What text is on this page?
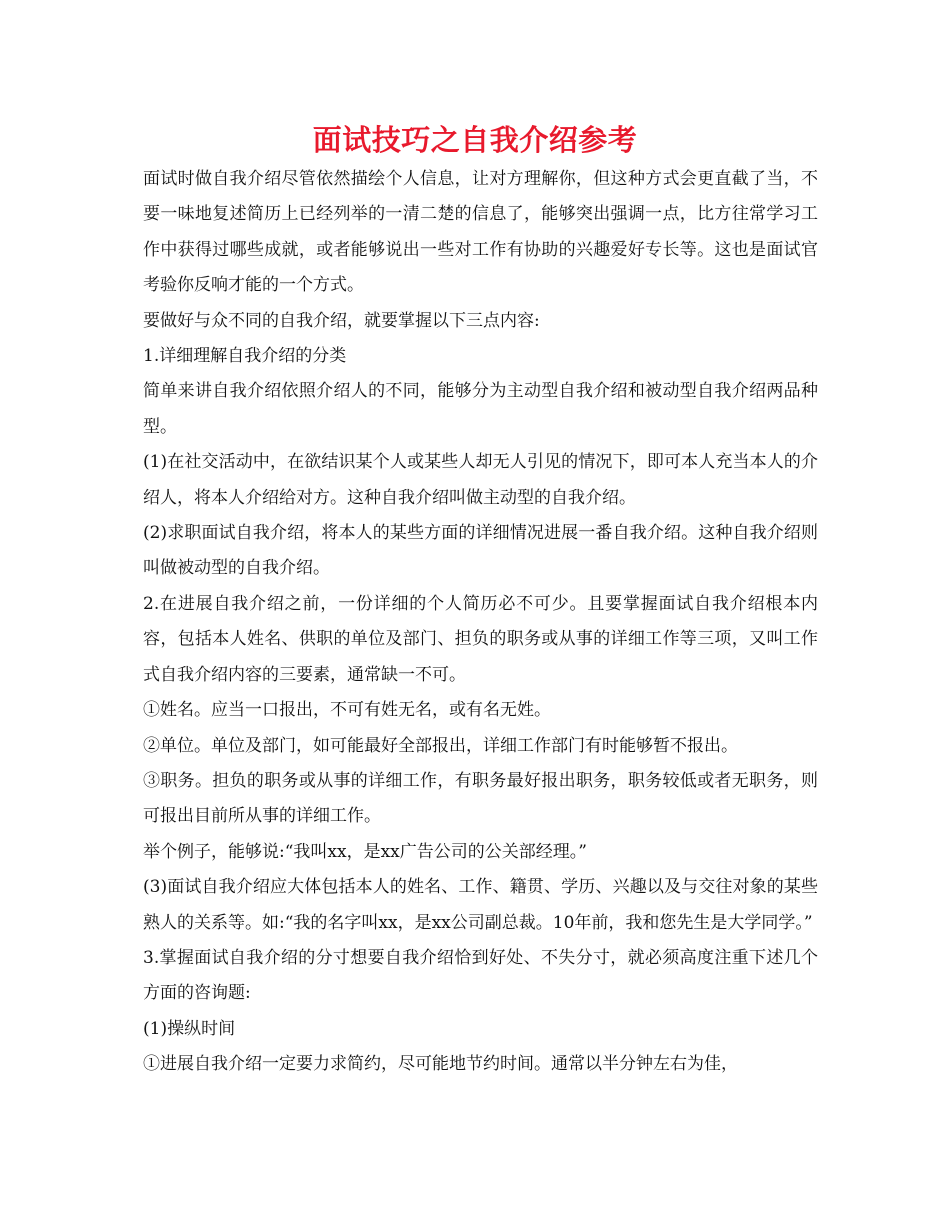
面试技巧之自我介绍参考

面试时做自我介绍尽管依然描绘个人信息，让对方理解你，但这种方式会更直截了当，不要一味地复述简历上已经列举的一清二楚的信息了，能够突出强调一点，比方往常学习工作中获得过哪些成就，或者能够说出一些对工作有协助的兴趣爱好专长等。这也是面试官考验你反响才能的一个方式。

要做好与众不同的自我介绍，就要掌握以下三点内容:

1.详细理解自我介绍的分类

简单来讲自我介绍依照介绍人的不同，能够分为主动型自我介绍和被动型自我介绍两品种型。

(1)在社交活动中，在欲结识某个人或某些人却无人引见的情况下，即可本人充当本人的介绍人，将本人介绍给对方。这种自我介绍叫做主动型的自我介绍。

(2)求职面试自我介绍，将本人的某些方面的详细情况进展一番自我介绍。这种自我介绍则叫做被动型的自我介绍。

2.在进展自我介绍之前，一份详细的个人简历必不可少。且要掌握面试自我介绍根本内容，包括本人姓名、供职的单位及部门、担负的职务或从事的详细工作等三项，又叫工作式自我介绍内容的三要素，通常缺一不可。

①姓名。应当一口报出，不可有姓无名，或有名无姓。

②单位。单位及部门，如可能最好全部报出，详细工作部门有时能够暂不报出。

③职务。担负的职务或从事的详细工作，有职务最好报出职务，职务较低或者无职务，则可报出目前所从事的详细工作。

举个例子，能够说:“我叫xx，是xx广告公司的公关部经理。”

(3)面试自我介绍应大体包括本人的姓名、工作、籍贯、学历、兴趣以及与交往对象的某些熟人的关系等。如:“我的名字叫xx，是xx公司副总裁。10年前，我和您先生是大学同学。”

3.掌握面试自我介绍的分寸想要自我介绍恰到好处、不失分寸，就必须高度注重下述几个方面的咨询题:

(1)操纵时间

①进展自我介绍一定要力求简约，尽可能地节约时间。通常以半分钟左右为佳，
